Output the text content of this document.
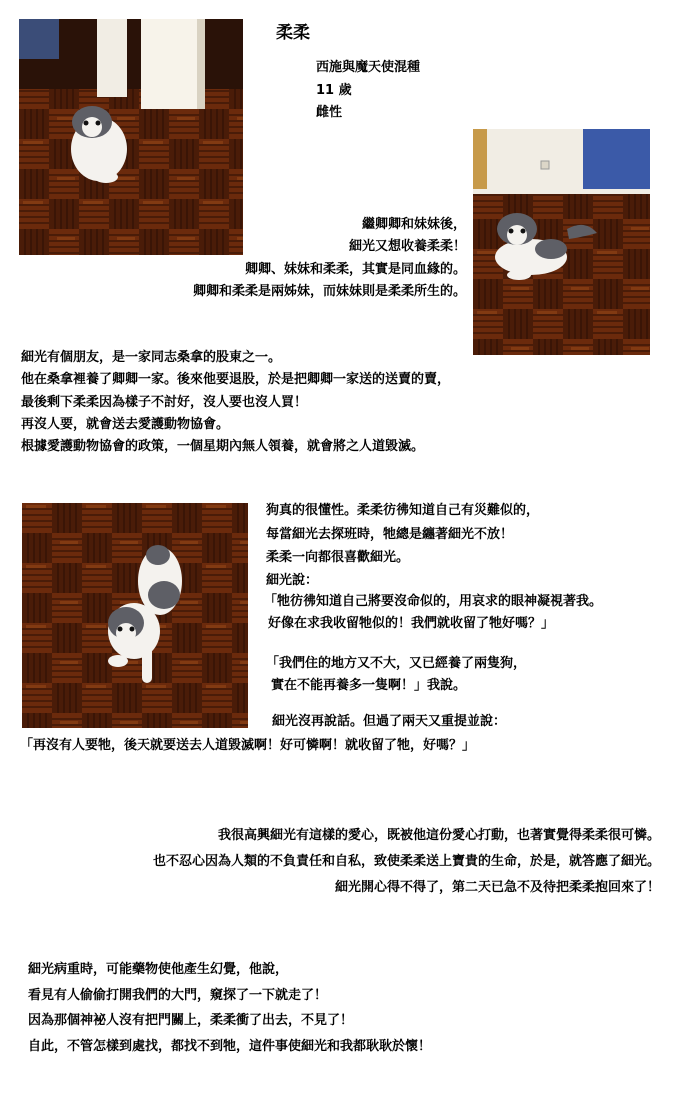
柔柔
西施與魔天使混種
11 歲
雌性
繼卿卿和妹妹後，
細光又想收養柔柔！
卿卿、妹妹和柔柔，其實是同血緣的。
卿卿和柔柔是兩姊妹，而妹妹則是柔柔所生的。
細光有個朋友，是一家同志桑拿的股東之一。
他在桑拿裡養了卿卿一家。後來他要退股，於是把卿卿一家送的送賣的賣，
最後剩下柔柔因為樣子不討好，沒人要也沒人買！
再沒人要，就會送去愛護動物協會。
根據愛護動物協會的政策，一個星期內無人領養，就會將之人道毀滅。
狗真的很懂性。柔柔彷彿知道自己有災難似的，
每當細光去探班時，牠總是纏著細光不放！
柔柔一向都很喜歡細光。
細光說：
「牠彷彿知道自己將要沒命似的，用哀求的眼神凝視著我。
好像在求我收留牠似的！我們就收留了牠好嗎？」
「我們住的地方又不大，又已經養了兩隻狗，
實在不能再養多一隻啊！」我說。
細光沒再說話。但過了兩天又重提並說：
「再沒有人要牠，後天就要送去人道毀滅啊！好可憐啊！就收留了牠，好嗎？」
我很高興細光有這樣的愛心，既被他這份愛心打動，也著實覺得柔柔很可憐。
也不忍心因為人類的不負責任和自私，致使柔柔送上寶貴的生命，於是，就答應了細光。
細光開心得不得了，第二天已急不及待把柔柔抱回來了！
細光病重時，可能藥物使他產生幻覺，他說，
看見有人偷偷打開我們的大門，窺探了一下就走了！
因為那個神袐人沒有把門關上，柔柔衝了出去，不見了！
自此，不管怎樣到處找，都找不到牠，這件事使細光和我都耿耿於懷！
